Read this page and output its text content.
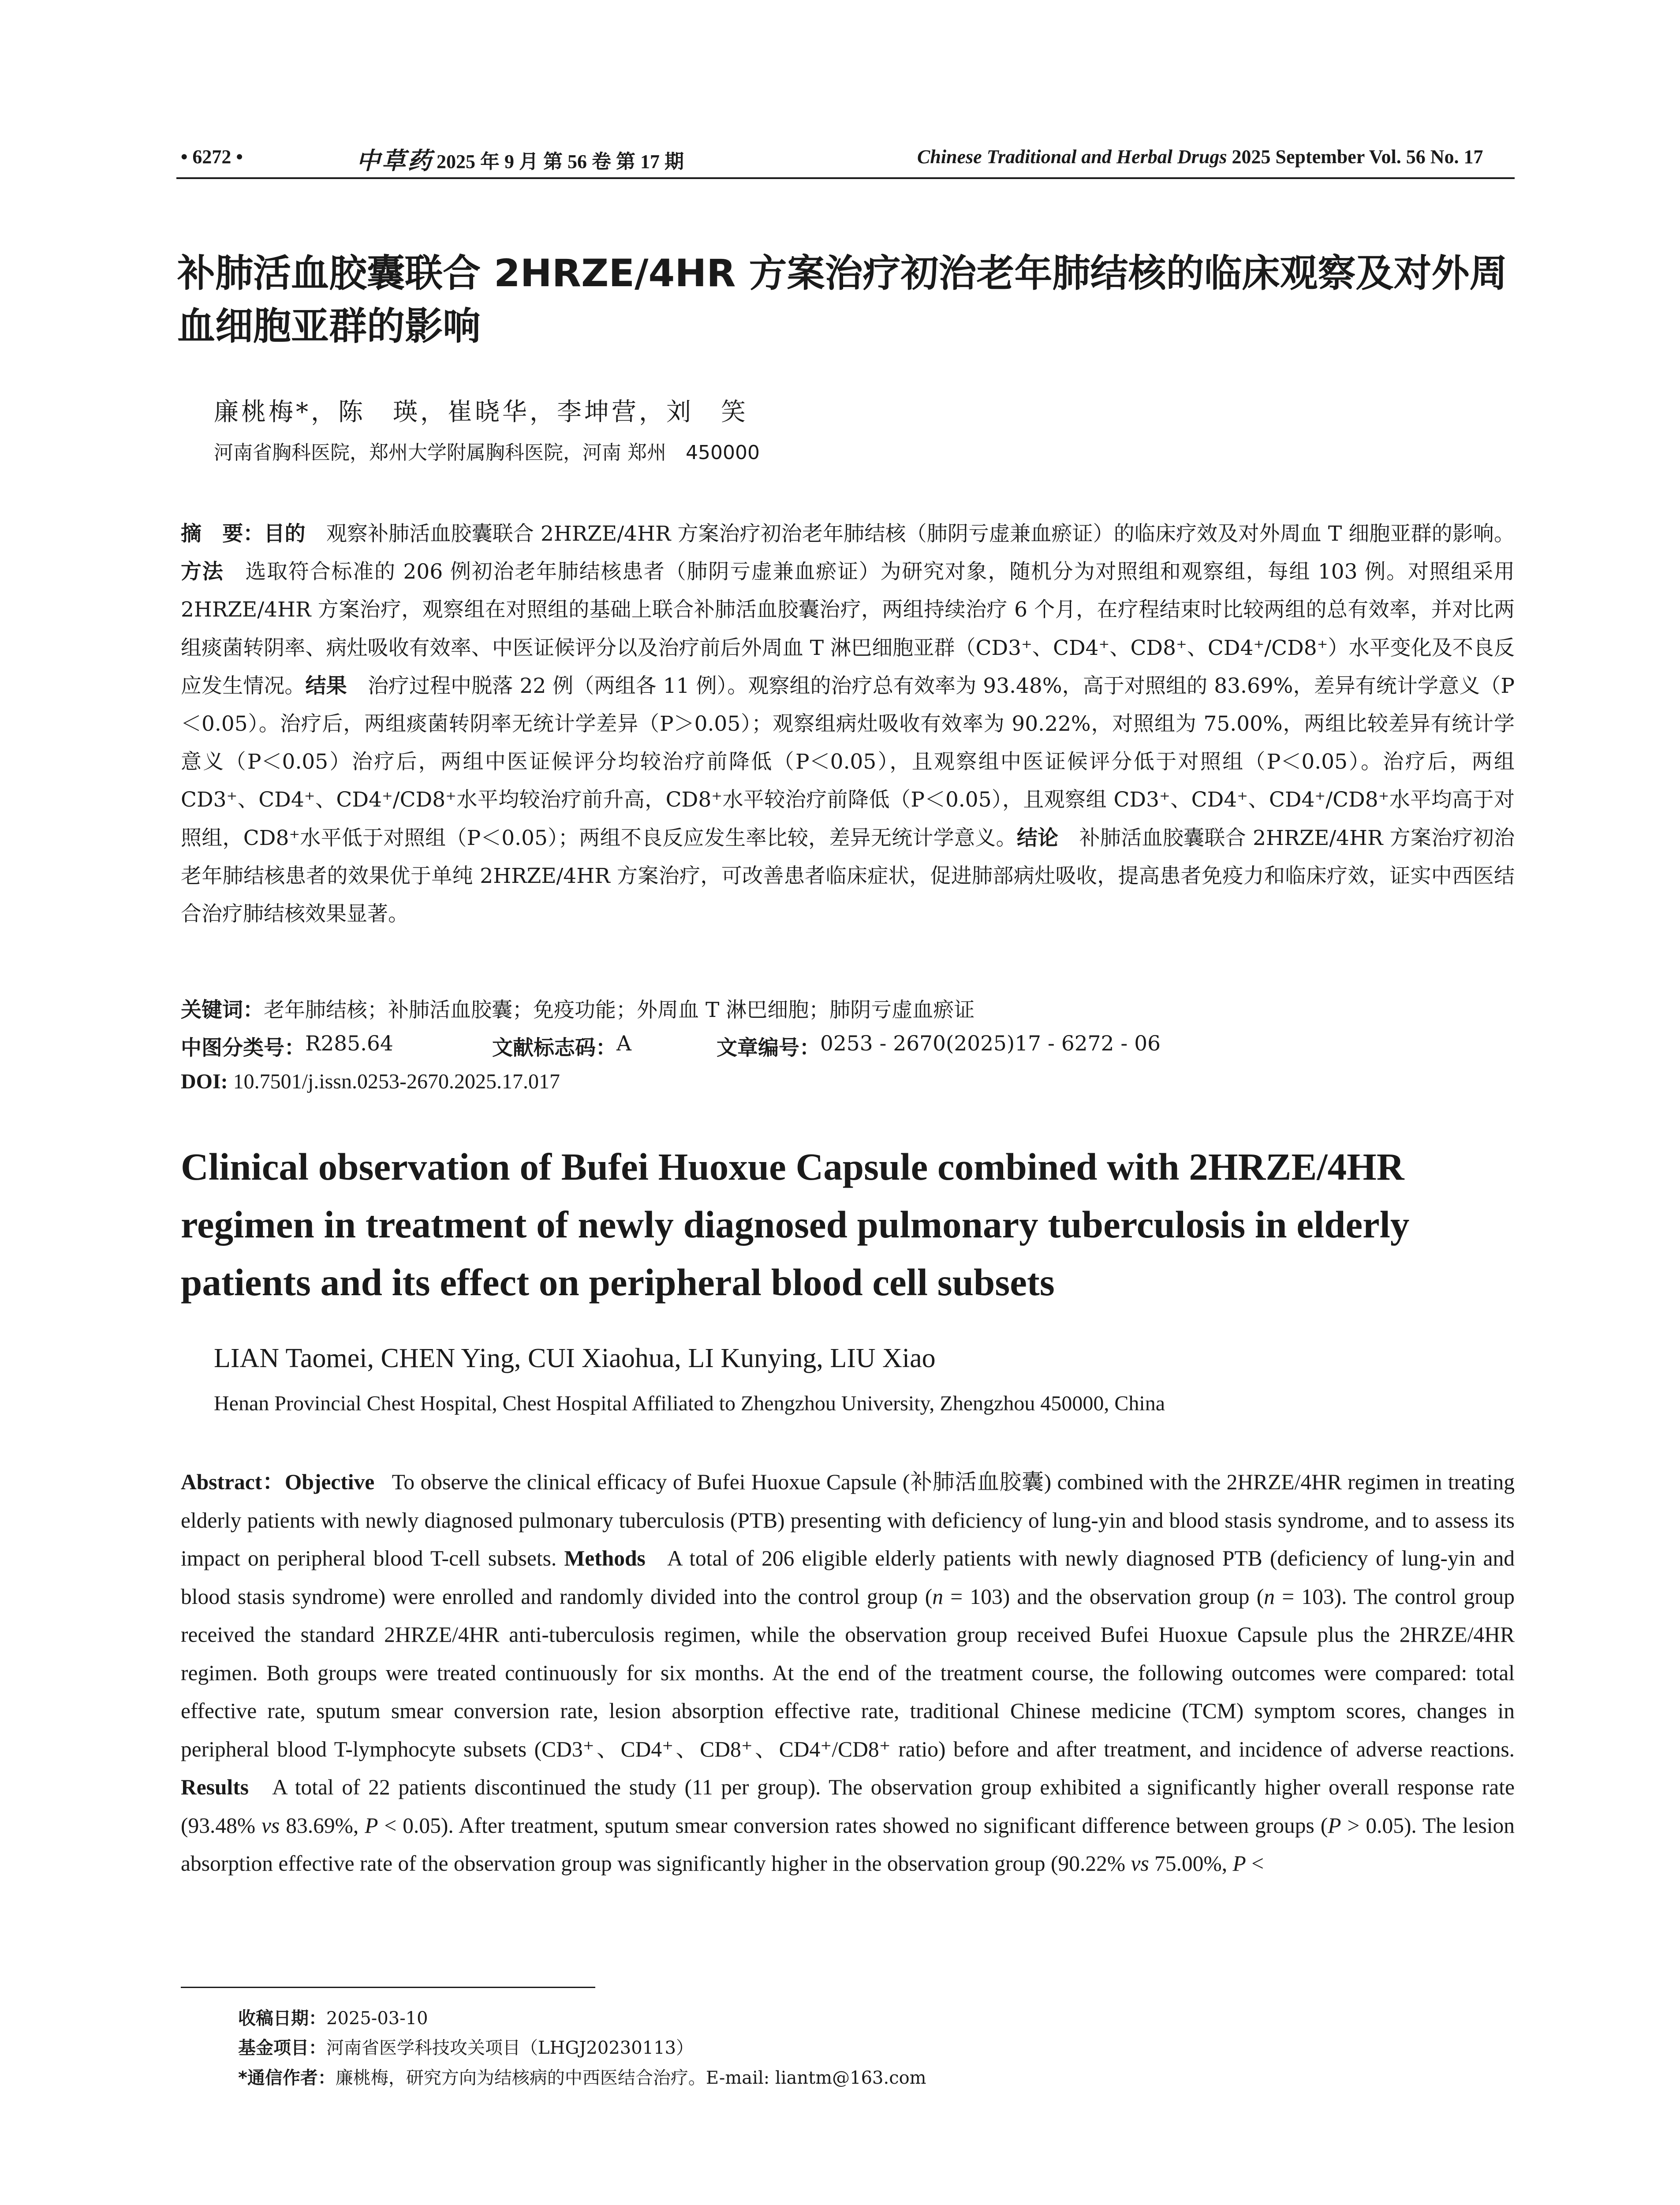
• 6272 •	中草药 2025 年 9 月 第 56 卷 第 17 期	Chinese Traditional and Herbal Drugs 2025 September Vol. 56 No. 17
补肺活血胶囊联合 2HRZE/4HR 方案治疗初治老年肺结核的临床观察及对外周血细胞亚群的影响
廉桃梅*，陈　瑛，崔晓华，李坤营，刘　笑
河南省胸科医院，郑州大学附属胸科医院，河南 郑州　450000
摘　要：目的　 观察补肺活血胶囊联合 2HRZE/4HR 方案治疗初治老年肺结核（肺阴亏虚兼血瘀证）的临床疗效及对外周血 T 细胞亚群的影响。方法　 选取符合标准的 206 例初治老年肺结核患者（肺阴亏虚兼血瘀证）为研究对象，随机分为对照组和观察组，每组 103 例。对照组采用 2HRZE/4HR 方案治疗，观察组在对照组的基础上联合补肺活血胶囊治疗，两组持续治疗 6 个月，在疗程结束时比较两组的总有效率，并对比两组痰菌转阴率、病灶吸收有效率、中医证候评分以及治疗前后外周血 T 淋巴细胞亚群（CD3⁺、CD4⁺、CD8⁺、CD4⁺/CD8⁺）水平变化及不良反应发生情况。结果　 治疗过程中脱落 22 例（两组各 11 例）。观察组的治疗总有效率为 93.48%，高于对照组的 83.69%，差异有统计学意义（P＜0.05）。治疗后，两组痰菌转阴率无统计学差异（P＞0.05）；观察组病灶吸收有效率为 90.22%，对照组为 75.00%，两组比较差异有统计学意义（P＜0.05）治疗后，两组中医证候评分均较治疗前降低（P＜0.05），且观察组中医证候评分低于对照组（P＜0.05）。治疗后，两组 CD3⁺、CD4⁺、CD4⁺/CD8⁺水平均较治疗前升高，CD8⁺水平较治疗前降低（P＜0.05），且观察组 CD3⁺、CD4⁺、CD4⁺/CD8⁺水平均高于对照组，CD8⁺水平低于对照组（P＜0.05）；两组不良反应发生率比较，差异无统计学意义。结论　 补肺活血胶囊联合 2HRZE/4HR 方案治疗初治老年肺结核患者的效果优于单纯 2HRZE/4HR 方案治疗，可改善患者临床症状，促进肺部病灶吸收，提高患者免疫力和临床疗效，证实中西医结合治疗肺结核效果显著。
关键词：老年肺结核；补肺活血胶囊；免疫功能；外周血 T 淋巴细胞；肺阴亏虚血瘀证
中图分类号： R285.64	文献标志码： A	文章编号： 0253 - 2670(2025)17 - 6272 - 06
DOI: 10.7501/j.issn.0253-2670.2025.17.017
Clinical observation of Bufei Huoxue Capsule combined with 2HRZE/4HR regimen in treatment of newly diagnosed pulmonary tuberculosis in elderly patients and its effect on peripheral blood cell subsets
LIAN Taomei, CHEN Ying, CUI Xiaohua, LI Kunying, LIU Xiao
Henan Provincial Chest Hospital, Chest Hospital Affiliated to Zhengzhou University, Zhengzhou 450000, China
Abstract：Objective To observe the clinical efficacy of Bufei Huoxue Capsule (补肺活血胶囊) combined with the 2HRZE/4HR regimen in treating elderly patients with newly diagnosed pulmonary tuberculosis (PTB) presenting with deficiency of lung-yin and blood stasis syndrome, and to assess its impact on peripheral blood T-cell subsets. Methods A total of 206 eligible elderly patients with newly diagnosed PTB (deficiency of lung-yin and blood stasis syndrome) were enrolled and randomly divided into the control group (n = 103) and the observation group (n = 103). The control group received the standard 2HRZE/4HR anti-tuberculosis regimen, while the observation group received Bufei Huoxue Capsule plus the 2HRZE/4HR regimen. Both groups were treated continuously for six months. At the end of the treatment course, the following outcomes were compared: total effective rate, sputum smear conversion rate, lesion absorption effective rate, traditional Chinese medicine (TCM) symptom scores, changes in peripheral blood T-lymphocyte subsets (CD3⁺、CD4⁺、CD8⁺、CD4⁺/CD8⁺ ratio) before and after treatment, and incidence of adverse reactions. Results A total of 22 patients discontinued the study (11 per group). The observation group exhibited a significantly higher overall response rate (93.48% vs 83.69%, P < 0.05). After treatment, sputum smear conversion rates showed no significant difference between groups (P > 0.05). The lesion absorption effective rate of the observation group was significantly higher in the observation group (90.22% vs 75.00%, P <
收稿日期：2025-03-10
基金项目：河南省医学科技攻关项目（LHGJ20230113）
*通信作者：廉桃梅，研究方向为结核病的中西医结合治疗。E-mail: liantm@163.com
